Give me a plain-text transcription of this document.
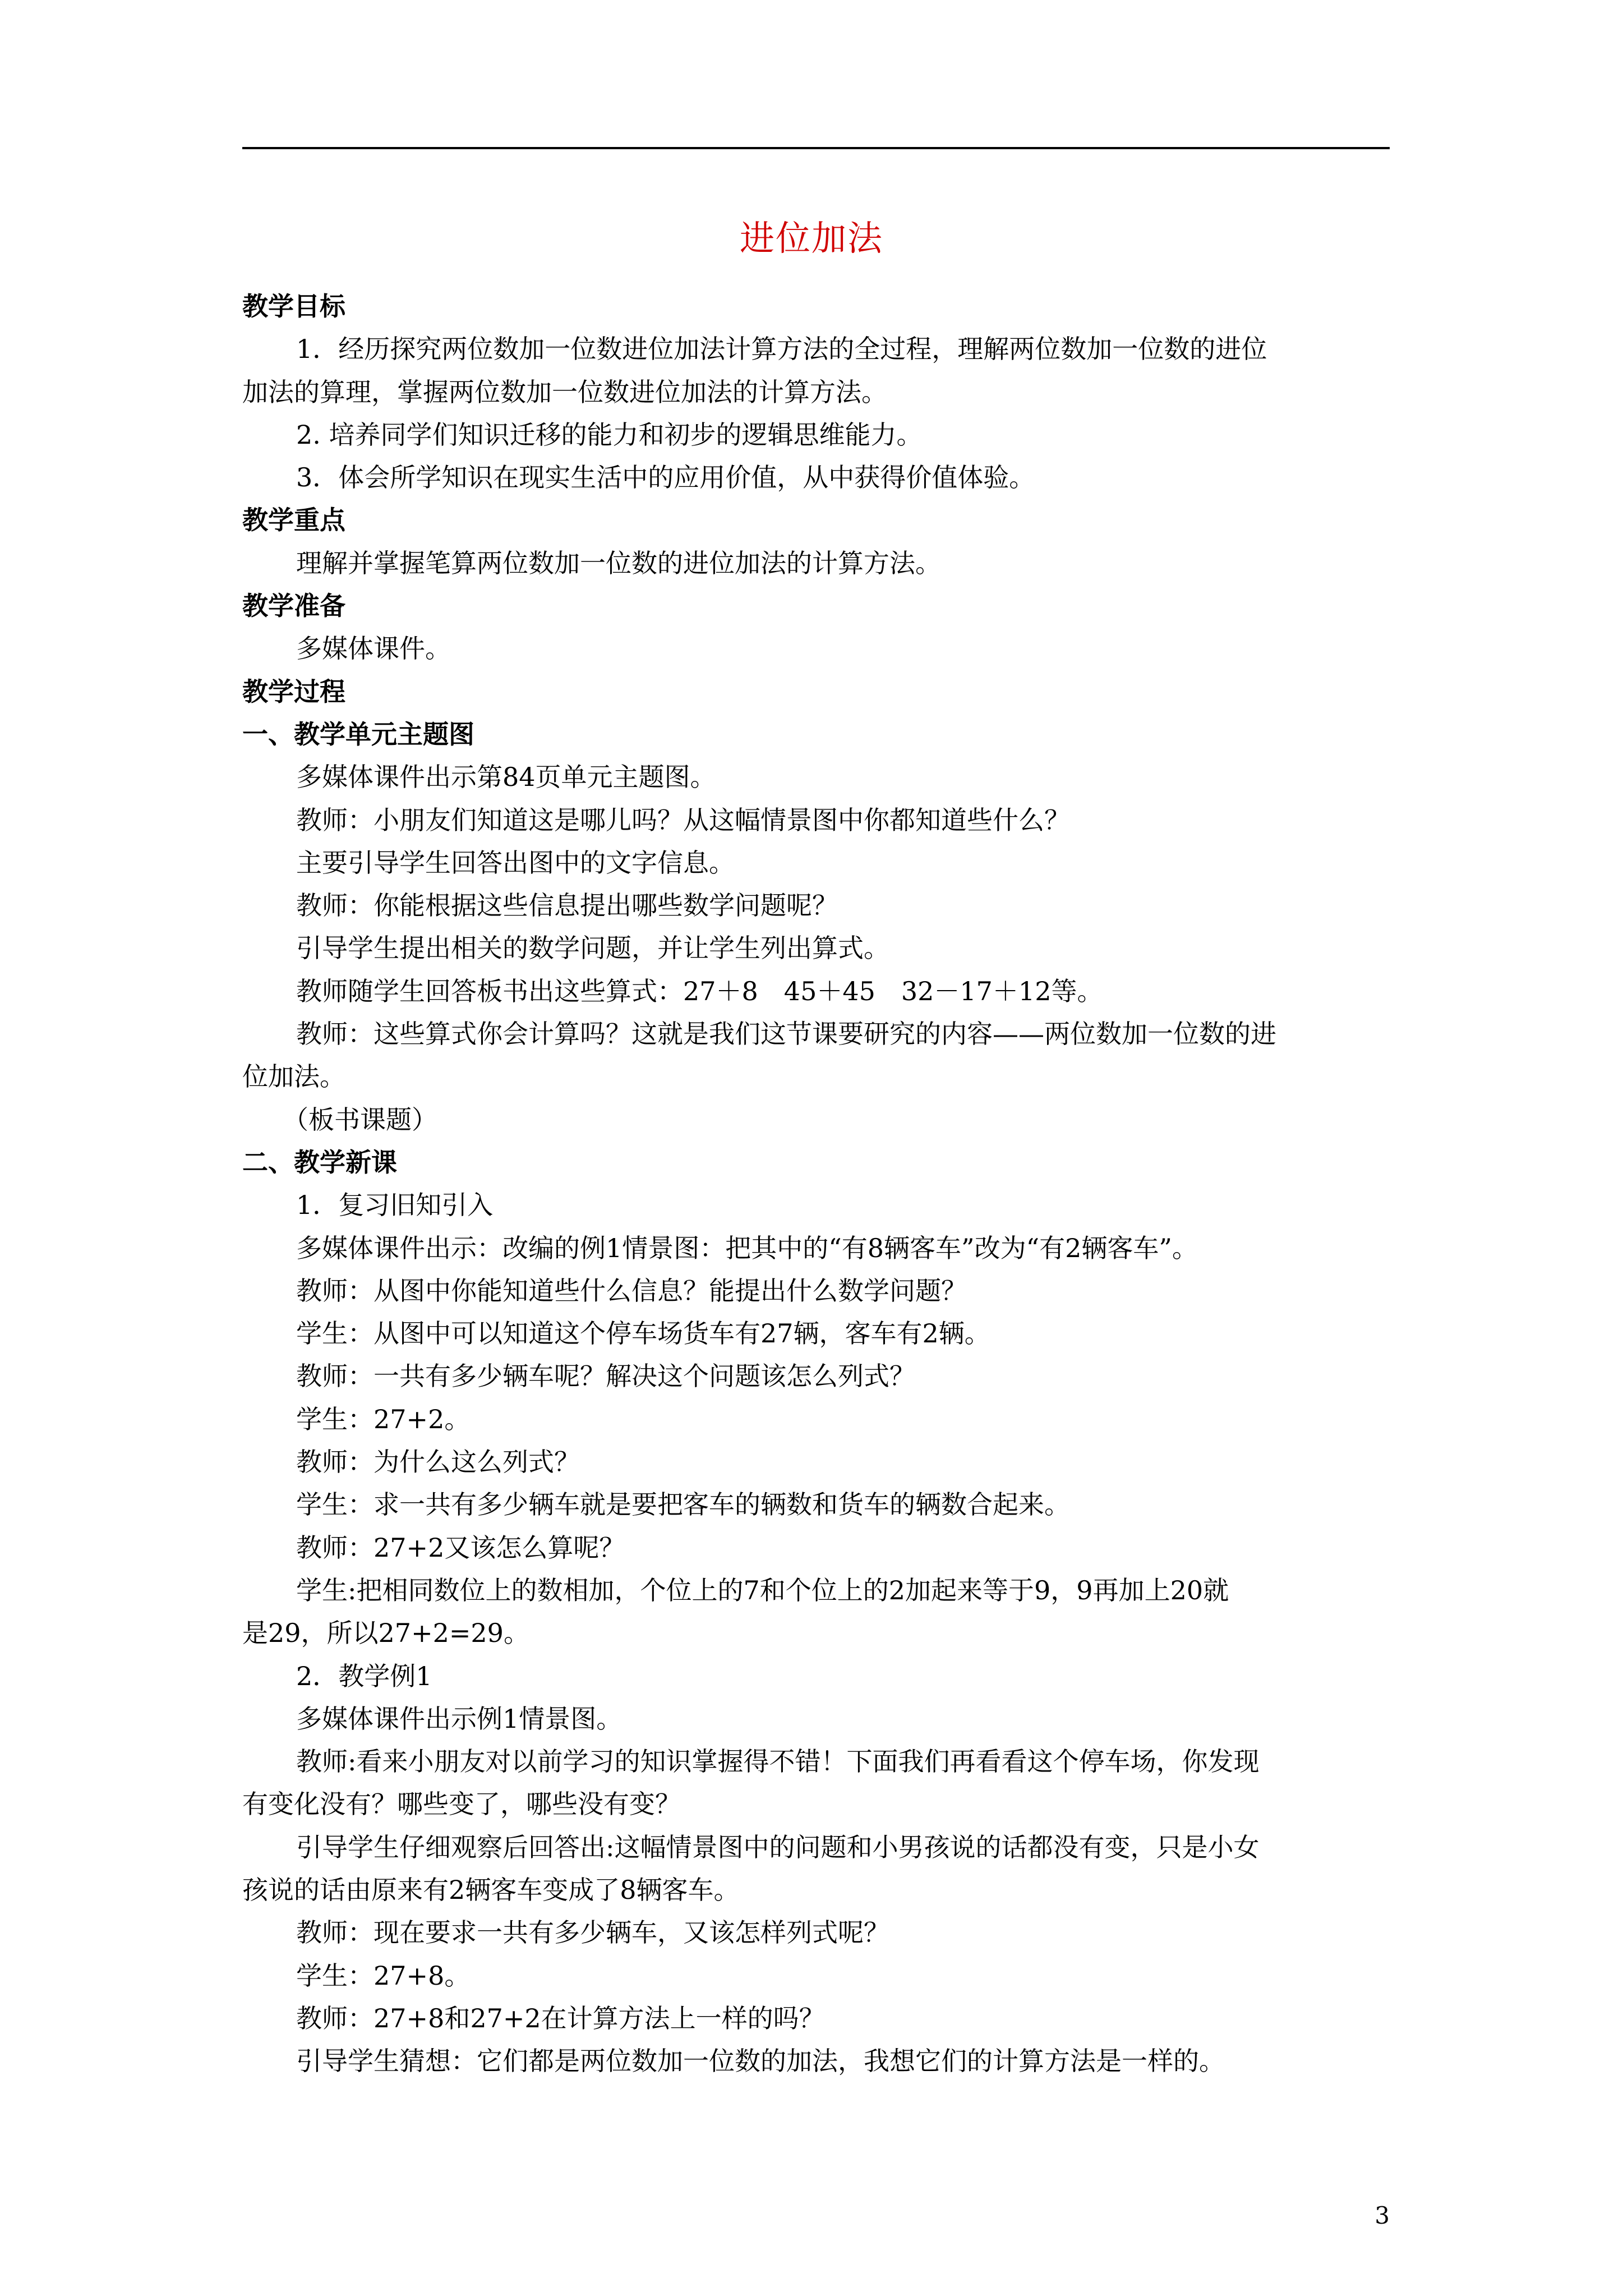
进位加法
教学目标
1．经历探究两位数加一位数进位加法计算方法的全过程，理解两位数加一位数的进位
加法的算理，掌握两位数加一位数进位加法的计算方法。
2. 培养同学们知识迁移的能力和初步的逻辑思维能力。
3．体会所学知识在现实生活中的应用价值，从中获得价值体验。
教学重点
理解并掌握笔算两位数加一位数的进位加法的计算方法。
教学准备
多媒体课件。
教学过程
一、教学单元主题图
多媒体课件出示第84页单元主题图。
教师：小朋友们知道这是哪儿吗？从这幅情景图中你都知道些什么？
主要引导学生回答出图中的文字信息。
教师：你能根据这些信息提出哪些数学问题呢？
引导学生提出相关的数学问题，并让学生列出算式。
教师随学生回答板书出这些算式：27＋8　45＋45　32－17＋12等。
教师：这些算式你会计算吗？这就是我们这节课要研究的内容——两位数加一位数的进
位加法。
（板书课题）
二、教学新课
1．复习旧知引入
多媒体课件出示：改编的例1情景图：把其中的“有8辆客车”改为“有2辆客车”。
教师：从图中你能知道些什么信息？能提出什么数学问题？
学生：从图中可以知道这个停车场货车有27辆，客车有2辆。
教师：一共有多少辆车呢？解决这个问题该怎么列式？
学生：27+2。
教师：为什么这么列式？
学生：求一共有多少辆车就是要把客车的辆数和货车的辆数合起来。
教师：27+2又该怎么算呢？
学生:把相同数位上的数相加，个位上的7和个位上的2加起来等于9，9再加上20就
是29，所以27+2=29。
2．教学例1
多媒体课件出示例1情景图。
教师:看来小朋友对以前学习的知识掌握得不错！下面我们再看看这个停车场，你发现
有变化没有？哪些变了，哪些没有变？
引导学生仔细观察后回答出:这幅情景图中的问题和小男孩说的话都没有变，只是小女
孩说的话由原来有2辆客车变成了8辆客车。
教师：现在要求一共有多少辆车，又该怎样列式呢？
学生：27+8。
教师：27+8和27+2在计算方法上一样的吗？
引导学生猜想：它们都是两位数加一位数的加法，我想它们的计算方法是一样的。
3
